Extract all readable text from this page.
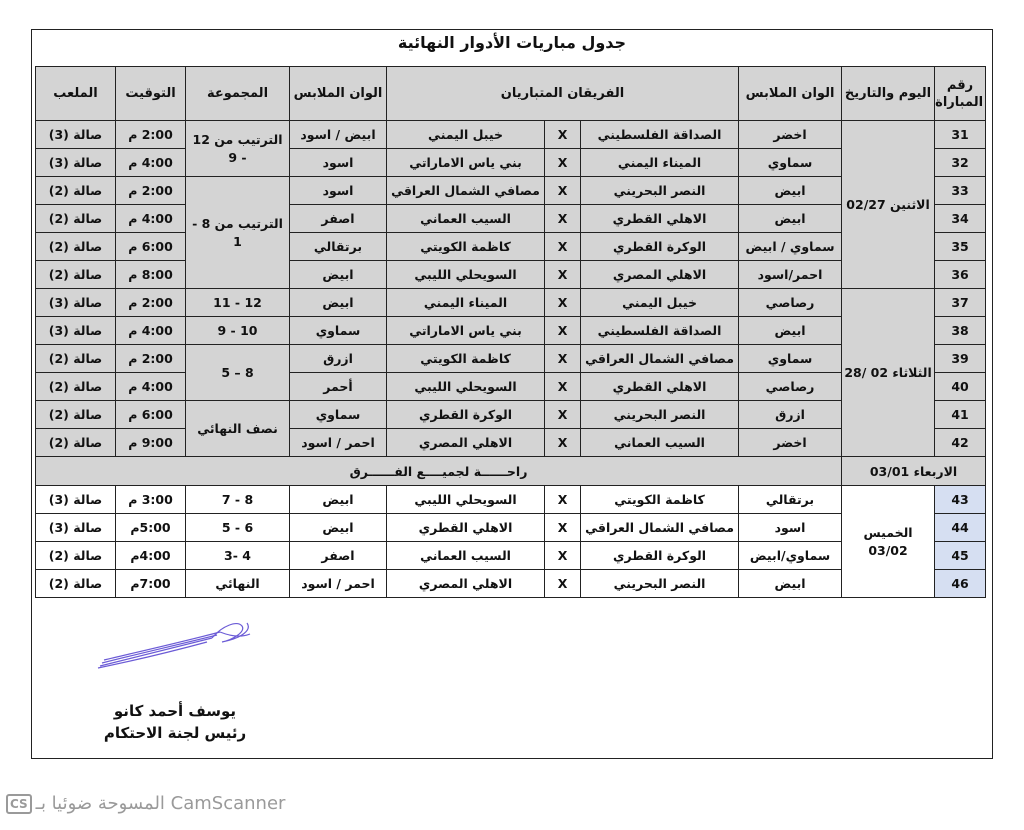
جدول مباريات الأدوار النهائية
رقم المباراة	اليوم والتاريخ	الوان الملابس	الفريقان المتباريان			الوان الملابس	المجموعة	التوقيت	الملعب
31	الاثنين 02/27	اخضر	الصداقة الفلسطيني	X	خيبل اليمني	ابيض / اسود	الترتيب من 12 - 9	2:00 م	صالة (3)
32		سماوي	الميناء اليمني	X	بني ياس الاماراتي	اسود		4:00 م	صالة (3)
33		ابيض	النصر البحريني	X	مصافي الشمال العراقي	اسود	الترتيب من 8 - 1	2:00 م	صالة (2)
34		ابيض	الاهلي القطري	X	السيب العماني	اصفر		4:00 م	صالة (2)
35		سماوي / ابيض	الوكرة القطري	X	كاظمة الكويتي	برتقالي		6:00 م	صالة (2)
36		احمر/اسود	الاهلي المصري	X	السويحلي الليبي	ابيض		8:00 م	صالة (2)
37	الثلاثاء 02 /28	رصاصي	خيبل اليمني	X	الميناء اليمني	ابيض	12 - 11	2:00 م	صالة (3)
38		ابيض	الصداقة الفلسطيني	X	بني ياس الاماراتي	سماوي	10 - 9	4:00 م	صالة (3)
39		سماوي	مصافي الشمال العراقي	X	كاظمة الكويتي	ازرق	8 – 5	2:00 م	صالة (2)
40		رصاصي	الاهلي القطري	X	السويحلي الليبي	أحمر		4:00 م	صالة (2)
41		ازرق	النصر البحريني	X	الوكرة القطري	سماوي	نصف النهائي	6:00 م	صالة (2)
42		اخضر	السيب العماني	X	الاهلي المصري	احمر / اسود		9:00 م	صالة (2)
الاربعاء 03/01		راحــــــة لجميــــع الفــــــرق							
43	الخميس 03/02	برتقالي	كاظمة الكويتي	X	السويحلي الليبي	ابيض	8 - 7	3:00 م	صالة (3)
44		اسود	مصافي الشمال العراقي	X	الاهلي القطري	ابيض	6 - 5	5:00م	صالة (3)
45		سماوي/ابيض	الوكرة القطري	X	السيب العماني	اصفر	4 -3	4:00م	صالة (2)
46		ابيض	النصر البحريني	X	الاهلي المصري	احمر / اسود	النهائي	7:00م	صالة (2)
يوسف أحمد كانو
رئيس لجنة الاحتكام
CS المسوحة ضوئيا بـ CamScanner
